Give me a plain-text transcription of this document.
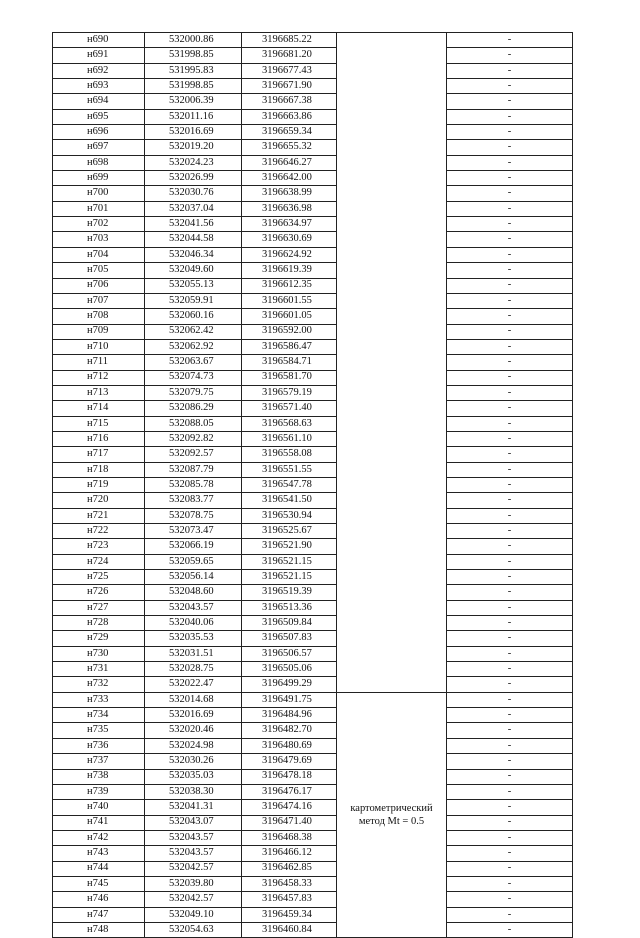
н690	532000.86	3196685.22		-
н691	531998.85	3196681.20		-
н692	531995.83	3196677.43		-
н693	531998.85	3196671.90		-
н694	532006.39	3196667.38		-
н695	532011.16	3196663.86		-
н696	532016.69	3196659.34		-
н697	532019.20	3196655.32		-
н698	532024.23	3196646.27		-
н699	532026.99	3196642.00		-
н700	532030.76	3196638.99		-
н701	532037.04	3196636.98		-
н702	532041.56	3196634.97		-
н703	532044.58	3196630.69		-
н704	532046.34	3196624.92		-
н705	532049.60	3196619.39		-
н706	532055.13	3196612.35		-
н707	532059.91	3196601.55		-
н708	532060.16	3196601.05		-
н709	532062.42	3196592.00		-
н710	532062.92	3196586.47		-
н711	532063.67	3196584.71		-
н712	532074.73	3196581.70		-
н713	532079.75	3196579.19		-
н714	532086.29	3196571.40		-
н715	532088.05	3196568.63		-
н716	532092.82	3196561.10		-
н717	532092.57	3196558.08		-
н718	532087.79	3196551.55		-
н719	532085.78	3196547.78		-
н720	532083.77	3196541.50		-
н721	532078.75	3196530.94		-
н722	532073.47	3196525.67		-
н723	532066.19	3196521.90		-
н724	532059.65	3196521.15		-
н725	532056.14	3196521.15		-
н726	532048.60	3196519.39		-
н727	532043.57	3196513.36		-
н728	532040.06	3196509.84		-
н729	532035.53	3196507.83		-
н730	532031.51	3196506.57		-
н731	532028.75	3196505.06		-
н732	532022.47	3196499.29		-
н733	532014.68	3196491.75	картометрический метод Mt = 0.5	-
н734	532016.69	3196484.96		-
н735	532020.46	3196482.70		-
н736	532024.98	3196480.69		-
н737	532030.26	3196479.69		-
н738	532035.03	3196478.18		-
н739	532038.30	3196476.17		-
н740	532041.31	3196474.16		-
н741	532043.07	3196471.40		-
н742	532043.57	3196468.38		-
н743	532043.57	3196466.12		-
н744	532042.57	3196462.85		-
н745	532039.80	3196458.33		-
н746	532042.57	3196457.83		-
н747	532049.10	3196459.34		-
н748	532054.63	3196460.84		-
